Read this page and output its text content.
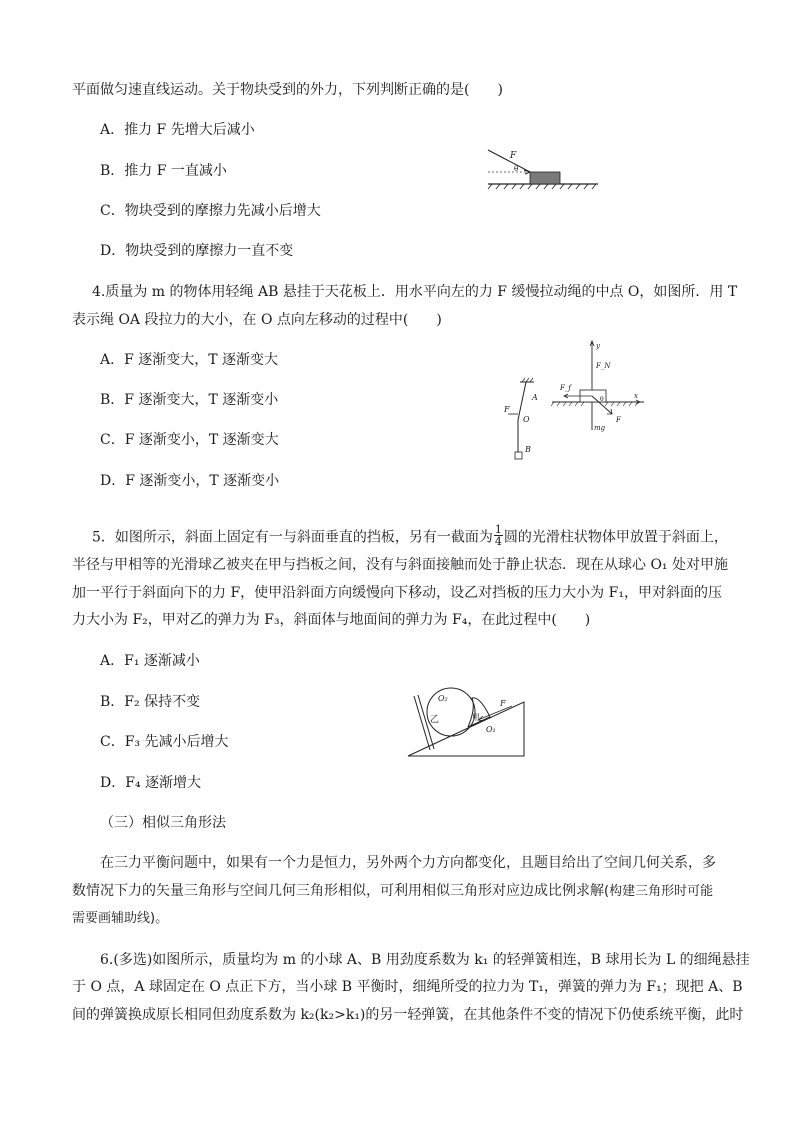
平面做匀速直线运动。关于物块受到的外力，下列判断正确的是(　　)
A．推力 F 先增大后减小
B．推力 F 一直减小
C．物块受到的摩擦力先减小后增大
D．物块受到的摩擦力一直不变
F
θ
4.质量为 m 的物体用轻绳 AB 悬挂于天花板上．用水平向左的力 F 缓慢拉动绳的中点 O，如图所．用 T
表示绳 OA 段拉力的大小，在 O 点向左移动的过程中(　　)
A．F 逐渐变大，T 逐渐变大
B．F 逐渐变大，T 逐渐变小
C．F 逐渐变小，T 逐渐变大
D．F 逐渐变小，T 逐渐变小
A
F
O
B
y
F_N
F_f
θ	x
mg
F
5．如图所示，斜面上固定有一与斜面垂直的挡板，另有一截面为 $\frac{1}{4}$ 圆的光滑柱状物体甲放置于斜面上，
半径与甲相等的光滑球乙被夹在甲与挡板之间，没有与斜面接触而处于静止状态．现在从球心 O₁ 处对甲施
加一平行于斜面向下的力 F，使甲沿斜面方向缓慢向下移动，设乙对挡板的压力大小为 F₁，甲对斜面的压
力大小为 F₂，甲对乙的弹力为 F₃，斜面体与地面间的弹力为 F₄，在此过程中(　　)
A．F₁ 逐渐减小
B．F₂ 保持不变
C．F₃ 先减小后增大
D．F₄ 逐渐增大
O₂
乙	甲
F
O₁
（三）相似三角形法
在三力平衡问题中，如果有一个力是恒力，另外两个力方向都变化，且题目给出了空间几何关系，多
数情况下力的矢量三角形与空间几何三角形相似，可利用相似三角形对应边成比例求解(构建三角形时可能
需要画辅助线)。
6.(多选)如图所示，质量均为 m 的小球 A、B 用劲度系数为 k₁ 的轻弹簧相连，B 球用长为 L 的细绳悬挂
于 O 点，A 球固定在 O 点正下方，当小球 B 平衡时，细绳所受的拉力为 T₁，弹簧的弹力为 F₁；现把 A、B
间的弹簧换成原长相同但劲度系数为 k₂(k₂>k₁)的另一轻弹簧，在其他条件不变的情况下仍使系统平衡，此时
